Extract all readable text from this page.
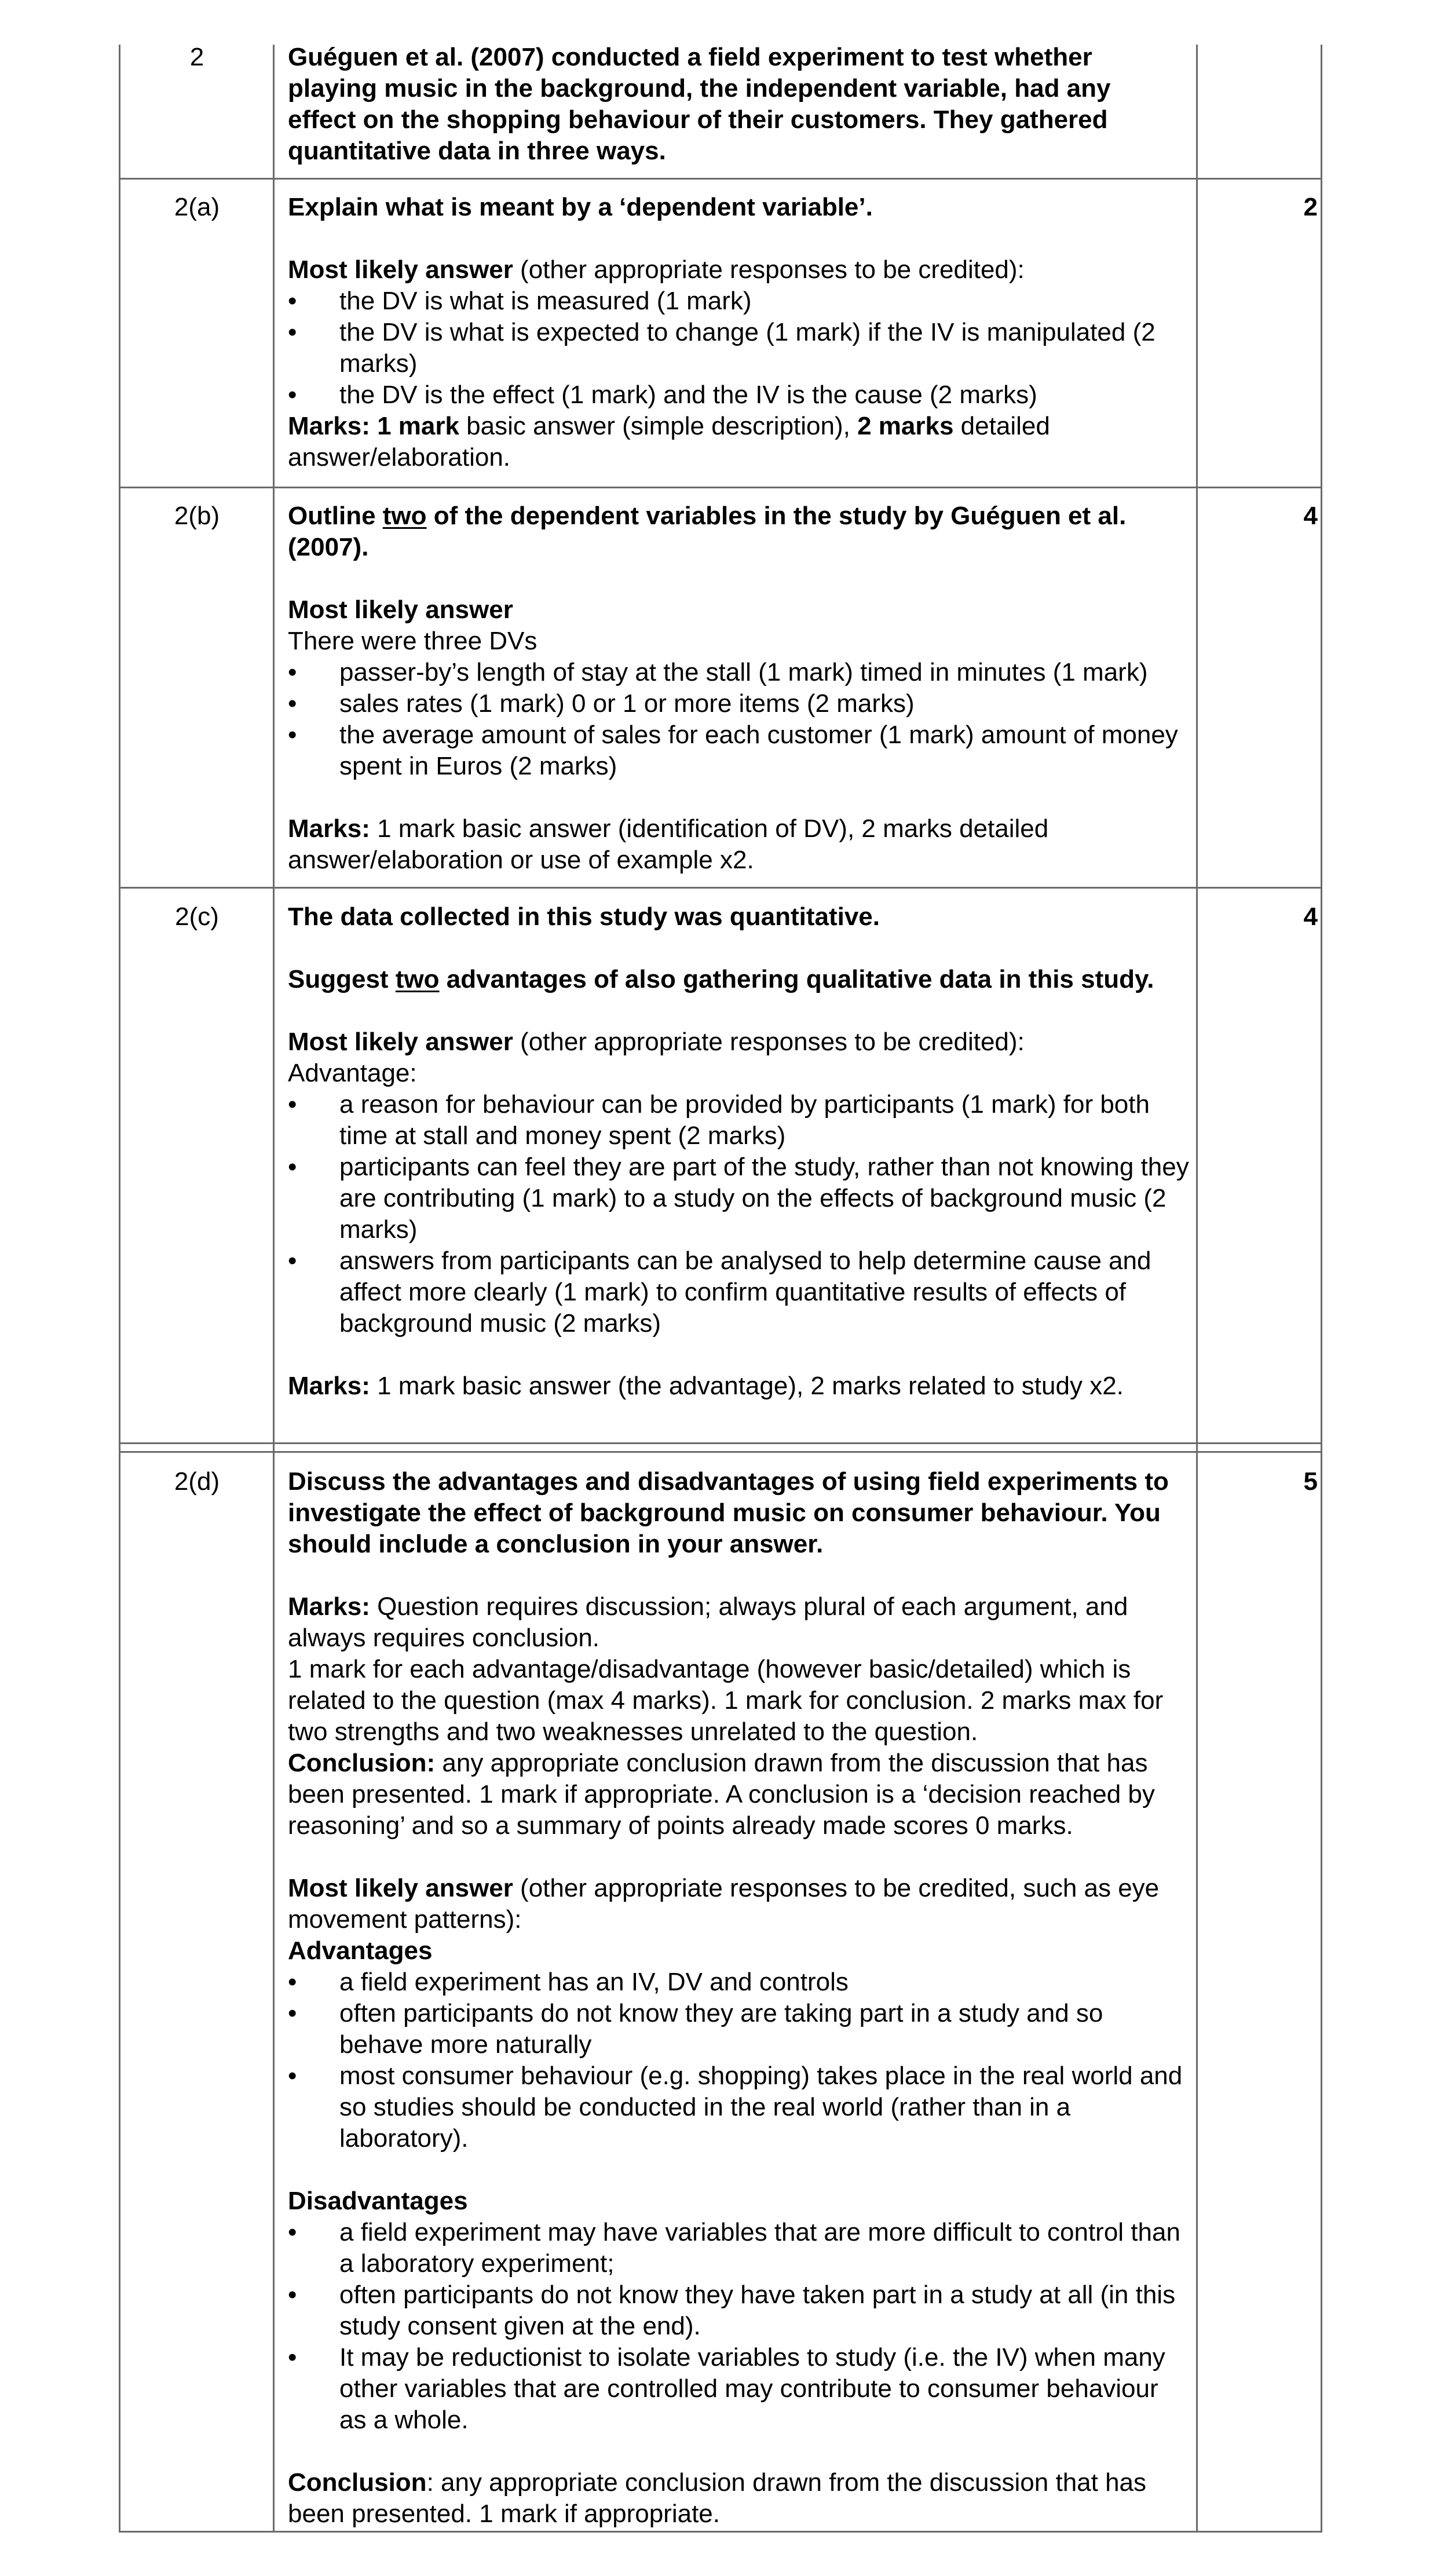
2	Guéguen et al. (2007) conducted a field experiment to test whether

playing music in the background, the independent variable, had any

effect on the shopping behaviour of their customers. They gathered

quantitative data in three ways.

2(a)	Explain what is meant by a ‘dependent variable’.

Most likely answer (other appropriate responses to be credited):

• the DV is what is measured (1 mark)
• the DV is what is expected to change (1 mark) if the IV is manipulated (2 marks)
• the DV is the effect (1 mark) and the IV is the cause (2 marks)

Marks: 1 mark basic answer (simple description), 2 marks detailed answer/elaboration.

2
2(b)	Outline two of the dependent variables in the study by Guéguen et al. (2007).

Most likely answer

There were three DVs

• passer-by’s length of stay at the stall (1 mark) timed in minutes (1 mark)
• sales rates (1 mark) 0 or 1 or more items (2 marks)
• the average amount of sales for each customer (1 mark) amount of money spent in Euros (2 marks)

Marks: 1 mark basic answer (identification of DV), 2 marks detailed answer/elaboration or use of example x2.

4
2(c)	The data collected in this study was quantitative.

Suggest two advantages of also gathering qualitative data in this study.

Most likely answer (other appropriate responses to be credited):

Advantage:

• a reason for behaviour can be provided by participants (1 mark) for both time at stall and money spent (2 marks)
• participants can feel they are part of the study, rather than not knowing they are contributing (1 mark) to a study on the effects of background music (2 marks)
• answers from participants can be analysed to help determine cause and affect more clearly (1 mark) to confirm quantitative results of effects of background music (2 marks)

Marks: 1 mark basic answer (the advantage), 2 marks related to study x2.

4
2(d)	Discuss the advantages and disadvantages of using field experiments to investigate the effect of background music on consumer behaviour. You should include a conclusion in your answer.

Marks: Question requires discussion; always plural of each argument, and always requires conclusion.

1 mark for each advantage/disadvantage (however basic/detailed) which is related to the question (max 4 marks). 1 mark for conclusion. 2 marks max for two strengths and two weaknesses unrelated to the question.

Conclusion: any appropriate conclusion drawn from the discussion that has been presented. 1 mark if appropriate. A conclusion is a ‘decision reached by reasoning’ and so a summary of points already made scores 0 marks.

Most likely answer (other appropriate responses to be credited, such as eye movement patterns):

Advantages

• a field experiment has an IV, DV and controls
• often participants do not know they are taking part in a study and so behave more naturally
• most consumer behaviour (e.g. shopping) takes place in the real world and so studies should be conducted in the real world (rather than in a laboratory).

Disadvantages

• a field experiment may have variables that are more difficult to control than a laboratory experiment;
• often participants do not know they have taken part in a study at all (in this study consent given at the end).
• It may be reductionist to isolate variables to study (i.e. the IV) when many other variables that are controlled may contribute to consumer behaviour as a whole.

Conclusion: any appropriate conclusion drawn from the discussion that has been presented. 1 mark if appropriate.

5
